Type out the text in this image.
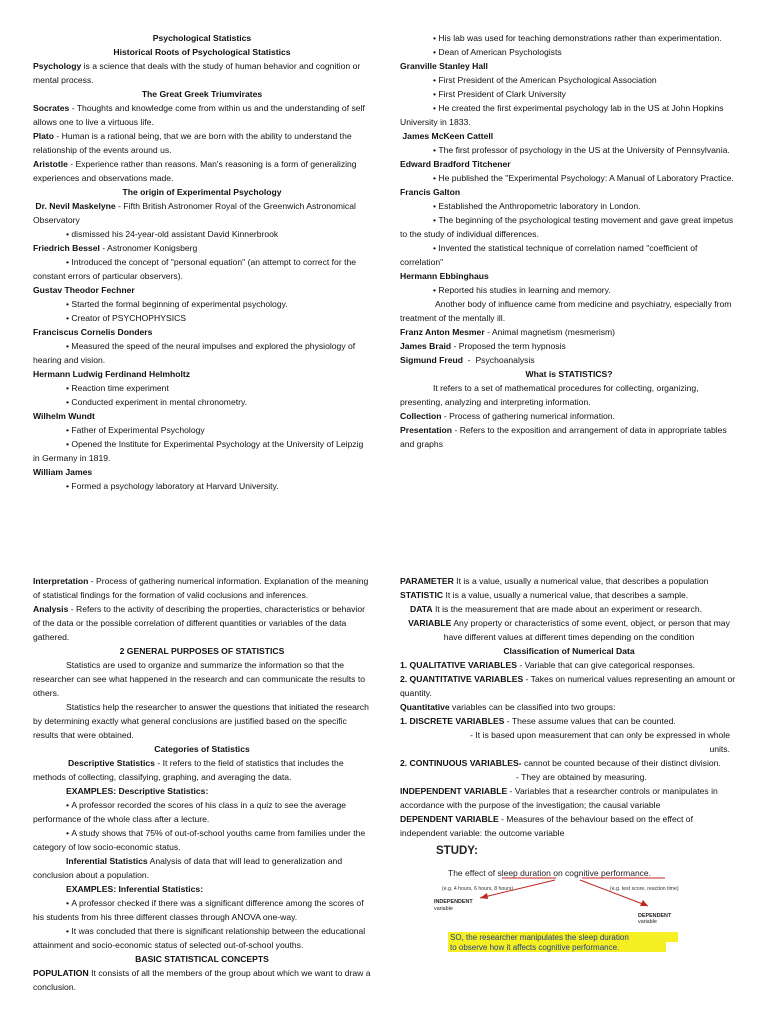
Psychological Statistics

Historical Roots of Psychological Statistics

Psychology is a science that deals with the study of human behavior and cognition or mental process.

The Great Greek Triumvirates

Socrates - Thoughts and knowledge come from within us and the understanding of self allows one to live a virtuous life.

Plato - Human is a rational being, that we are born with the ability to understand the relationship of the events around us.

Aristotle - Experience rather than reasons. Man's reasoning is a form of generalizing experiences and observations made.

The origin of Experimental Psychology

Dr. Nevil Maskelyne - Fifth British Astronomer Royal of the Greenwich Astronomical Observatory

• dismissed his 24-year-old assistant David Kinnerbrook

Friedrich Bessel - Astronomer Konigsberg

• Introduced the concept of "personal equation" (an attempt to correct for the constant errors of particular observers).

Gustav Theodor Fechner

• Started the formal beginning of experimental psychology.

• Creator of PSYCHOPHYSICS

Franciscus Cornelis Donders

• Measured the speed of the neural impulses and explored the physiology of hearing and vision.

Hermann Ludwig Ferdinand Helmholtz

• Reaction time experiment

• Conducted experiment in mental chronometry.

Wilhelm Wundt

• Father of Experimental Psychology

• Opened the Institute for Experimental Psychology at the University of Leipzig in Germany in 1819.

William James

• Formed a psychology laboratory at Harvard University.

• His lab was used for teaching demonstrations rather than experimentation.

• Dean of American Psychologists

Granville Stanley Hall

• First President of the American Psychological Association

• First President of Clark University

• He created the first experimental psychology lab in the US at John Hopkins University in 1833.

James McKeen Cattell

• The first professor of psychology in the US at the University of Pennsylvania.

Edward Bradford Titchener

• He published the "Experimental Psychology: A Manual of Laboratory Practice.

Francis Galton

• Established the Anthropometric laboratory in London.

• The beginning of the psychological testing movement and gave great impetus to the study of individual differences.

• Invented the statistical technique of correlation named "coefficient of correlation"

Hermann Ebbinghaus

• Reported his studies in learning and memory.

Another body of influence came from medicine and psychiatry, especially from treatment of the mentally ill.

Franz Anton Mesmer - Animal magnetism (mesmerism)

James Braid - Proposed the term hypnosis

Sigmund Freud  -  Psychoanalysis

What is STATISTICS?

It refers to a set of mathematical procedures for collecting, organizing, presenting, analyzing and interpreting information.

Collection - Process of gathering numerical information.

Presentation - Refers to the exposition and arrangement of data in appropriate tables and graphs

Interpretation - Process of gathering numerical information. Explanation of the meaning of statistical findings for the formation of valid coclusions and inferences.

Analysis - Refers to the activity of describing the properties, characteristics or behavior of the data or the possible correlation of different quantities or variables of the data gathered.

2 GENERAL PURPOSES OF STATISTICS

Statistics are used to organize and summarize the information so that the researcher can see what happened in the research and can communicate the results to others.

Statistics help the researcher to answer the questions that initiated the research by determining exactly what general conclusions are justified based on the specific results that were obtained.

Categories of Statistics

Descriptive Statistics - It refers to the field of statistics that includes the methods of collecting, classifying, graphing, and averaging the data.

EXAMPLES: Descriptive Statistics:

• A professor recorded the scores of his class in a quiz to see the average performance of the whole class after a lecture.

• A study shows that 75% of out-of-school youths came from families under the category of low socio-economic status.

Inferential Statistics Analysis of data that will lead to generalization and conclusion about a population.

EXAMPLES: Inferential Statistics:

• A professor checked if there was a significant difference among the scores of his students from his three different classes through ANOVA one-way.

• It was concluded that there is significant relationship between the educational attainment and socio-economic status of selected out-of-school youths.

BASIC STATISTICAL CONCEPTS

POPULATION It consists of all the members of the group about which we want to draw a conclusion.

PARAMETER It is a value, usually a numerical value, that describes a population

STATISTIC It is a value, usually a numerical value, that describes a sample.

DATA It is the measurement that are made about an experiment or research.

VARIABLE Any property or characteristics of some event, object, or person that may have different values at different times depending on the condition

Classification of Numerical Data

1. QUALITATIVE VARIABLES - Variable that can give categorical responses.

2. QUANTITATIVE VARIABLES - Takes on numerical values representing an amount or quantity.

Quantitative variables can be classified into two groups:

1. DISCRETE VARIABLES - These assume values that can be counted.

- It is based upon measurement that can only be expressed in whole units.

2. CONTINUOUS VARIABLES- cannot be counted because of their distinct division.

- They are obtained by measuring.

INDEPENDENT VARIABLE - Variables that a researcher controls or manipulates in accordance with the purpose of the investigation; the causal variable

DEPENDENT VARIABLE - Measures of the behaviour based on the effect of independent variable: the outcome variable

STUDY:
The effect of sleep duration on cognitive performance.
(e.g. 4 hours, 6 hours, 8 hours)	(e.g. test score, reaction time)
INDEPENDENT
variable
DEPENDENT
variable
SO, the researcher manipulates the sleep duration
to observe how it affects cognitive performance.
